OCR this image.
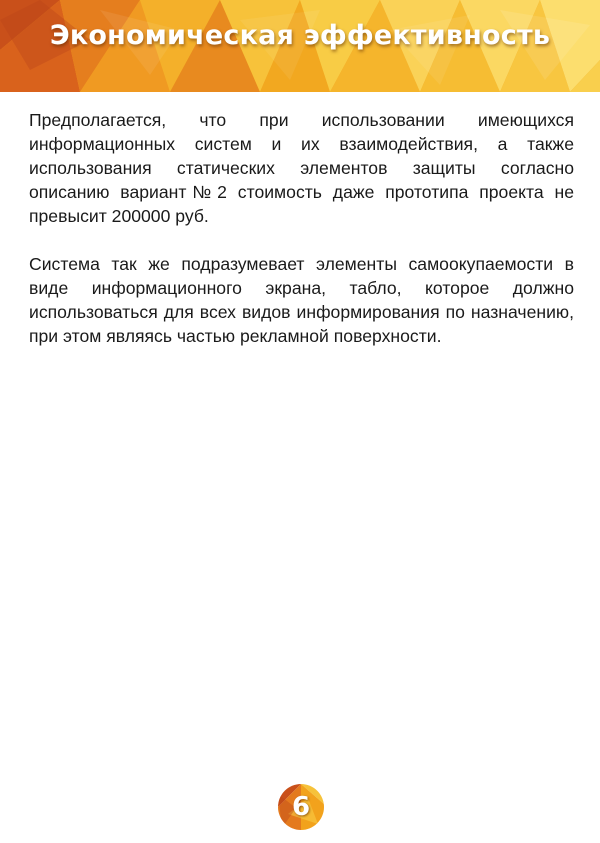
Экономическая эффективность

Предполагается, что при использовании имеющихся информационных систем и их взаимодействия, а также использования статических элементов защиты согласно описанию вариант№2 стоимость даже прототипа проекта не превысит 200000 руб.

Система так же подразумевает элементы самоокупаемости в виде информационного экрана, табло, которое должно использоваться для всех видов информирования по назначению, при этом являясь частью рекламной поверхности.

6
